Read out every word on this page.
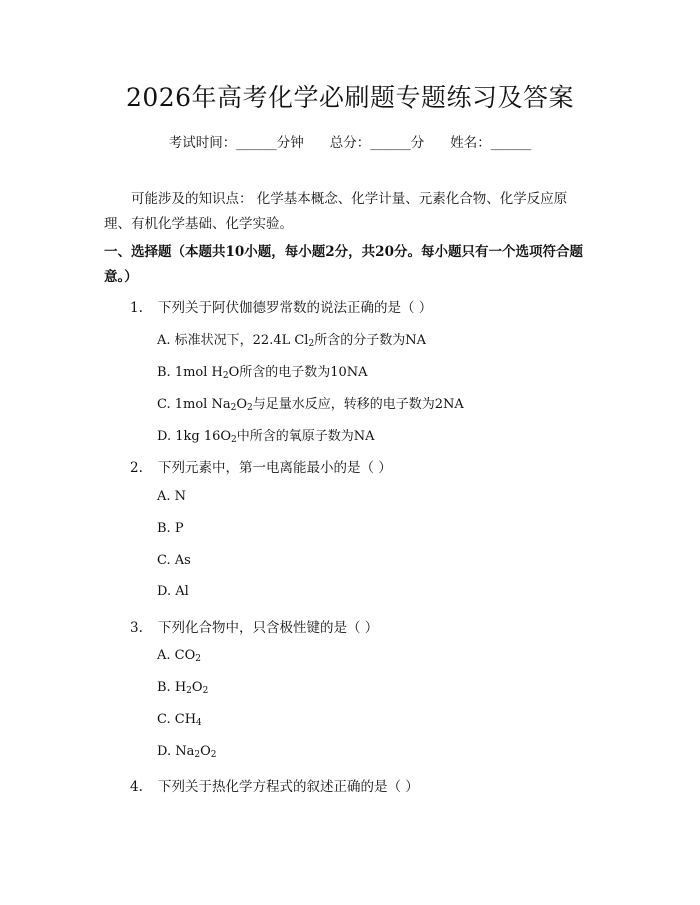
2026年高考化学必刷题专题练习及答案
考试时间：______分钟 总分：______分 姓名：______
可能涉及的知识点： 化学基本概念、化学计量、元素化合物、化学反应原理、有机化学基础、化学实验。
一、选择题（本题共10小题，每小题2分，共20分。每小题只有一个选项符合题意。）
1. 下列关于阿伏伽德罗常数的说法正确的是（ ）
A. 标准状况下，22.4L $Cl_2$所含的分子数为NA
B. 1mol $H_2O$所含的电子数为10NA
C. 1mol $Na_2O_2$与足量水反应，转移的电子数为2NA
D. 1kg $16O_2$中所含的氧原子数为NA
2. 下列元素中，第一电离能最小的是（ ）
A. N
B. P
C. As
D. Al
3. 下列化合物中，只含极性键的是（ ）
A. $CO_2$
B. $H_2O_2$
C. $CH_4$
D. $Na_2O_2$
4. 下列关于热化学方程式的叙述正确的是（ ）
